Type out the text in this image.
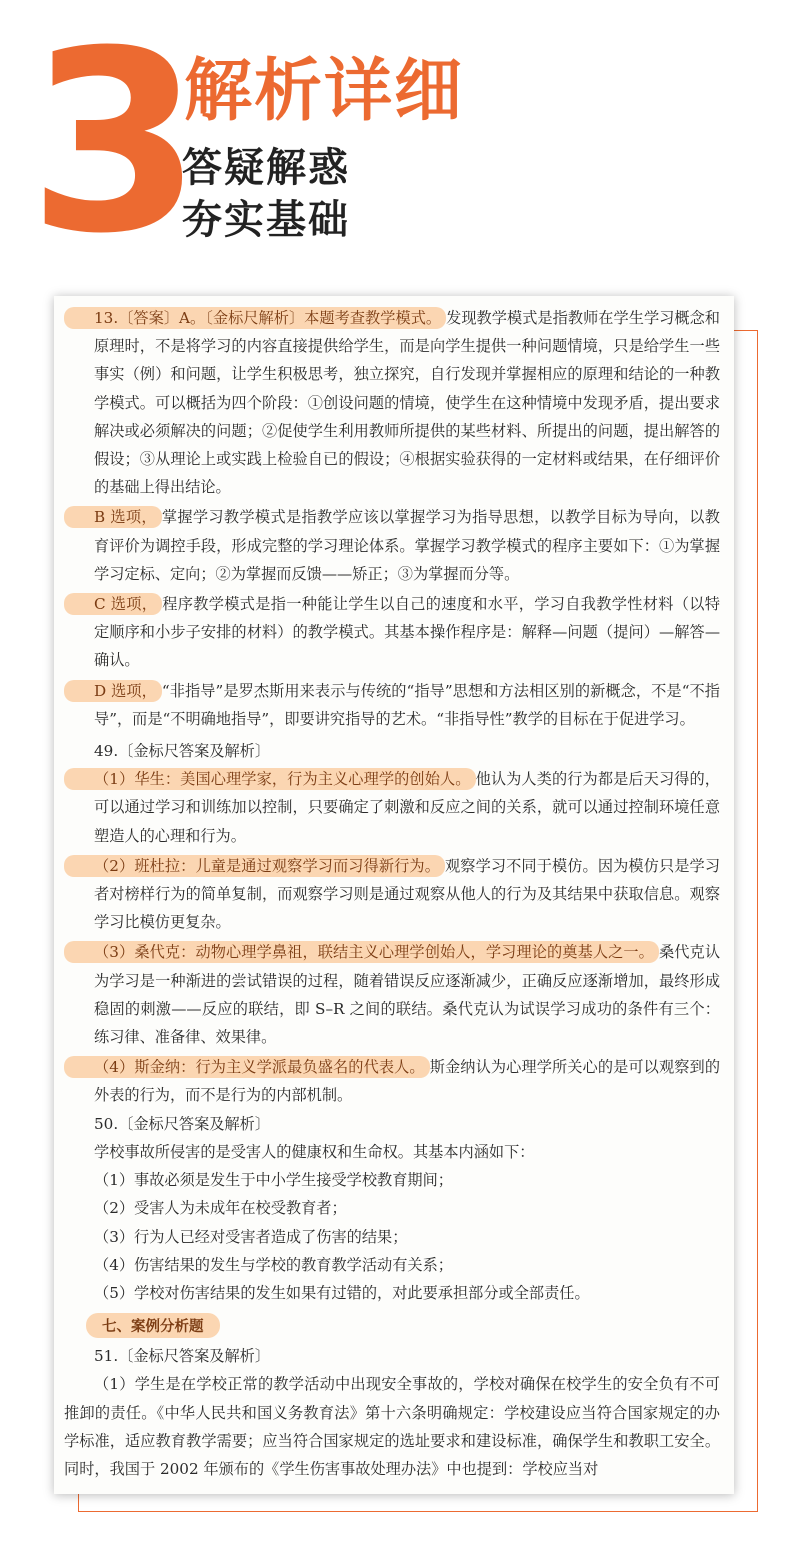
3
解析详细
答疑解惑
夯实基础

13.〔答案〕A。〔金标尺解析〕本题考查教学模式。 发现教学模式是指教师在学生学习概念和原理时，不是将学习的内容直接提供给学生，而是向学生提供一种问题情境，只是给学生一些事实（例）和问题，让学生积极思考，独立探究，自行发现并掌握相应的原理和结论的一种教学模式。可以概括为四个阶段：①创设问题的情境，使学生在这种情境中发现矛盾，提出要求解决或必须解决的问题；②促使学生利用教师所提供的某些材料、所提出的问题，提出解答的假设；③从理论上或实践上检验自已的假设；④根据实验获得的一定材料或结果，在仔细评价的基础上得出结论。

B 选项， 掌握学习教学模式是指教学应该以掌握学习为指导思想，以教学目标为导向，以教育评价为调控手段，形成完整的学习理论体系。掌握学习教学模式的程序主要如下：①为掌握学习定标、定向；②为掌握而反馈——矫正；③为掌握而分等。

C 选项， 程序教学模式是指一种能让学生以自己的速度和水平，学习自我教学性材料（以特定顺序和小步子安排的材料）的教学模式。其基本操作程序是：解释—问题（提问）—解答—确认。

D 选项， “非指导”是罗杰斯用来表示与传统的“指导”思想和方法相区别的新概念，不是“不指导”，而是“不明确地指导”，即要讲究指导的艺术。“非指导性”教学的目标在于促进学习。

49.〔金标尺答案及解析〕

（1）华生：美国心理学家，行为主义心理学的创始人。 他认为人类的行为都是后天习得的，可以通过学习和训练加以控制，只要确定了刺激和反应之间的关系，就可以通过控制环境任意塑造人的心理和行为。

（2）班杜拉：儿童是通过观察学习而习得新行为。 观察学习不同于模仿。因为模仿只是学习者对榜样行为的简单复制，而观察学习则是通过观察从他人的行为及其结果中获取信息。观察学习比模仿更复杂。

（3）桑代克：动物心理学鼻祖，联结主义心理学创始人，学习理论的奠基人之一。 桑代克认为学习是一种渐进的尝试错误的过程，随着错误反应逐渐减少，正确反应逐渐增加，最终形成稳固的刺激——反应的联结，即 S–R 之间的联结。桑代克认为试误学习成功的条件有三个：练习律、准备律、效果律。

（4）斯金纳：行为主义学派最负盛名的代表人。 斯金纳认为心理学所关心的是可以观察到的外表的行为，而不是行为的内部机制。

50.〔金标尺答案及解析〕

学校事故所侵害的是受害人的健康权和生命权。其基本内涵如下：

（1）事故必须是发生于中小学生接受学校教育期间；

（2）受害人为未成年在校受教育者；

（3）行为人已经对受害者造成了伤害的结果；

（4）伤害结果的发生与学校的教育教学活动有关系；

（5）学校对伤害结果的发生如果有过错的，对此要承担部分或全部责任。

七、案例分析题

51.〔金标尺答案及解析〕

（1）学生是在学校正常的教学活动中出现安全事故的，学校对确保在校学生的安全负有不可推卸的责任。《中华人民共和国义务教育法》第十六条明确规定：学校建设应当符合国家规定的办学标准，适应教育教学需要；应当符合国家规定的选址要求和建设标准，确保学生和教职工安全。同时，我国于 2002 年颁布的《学生伤害事故处理办法》中也提到：学校应当对
